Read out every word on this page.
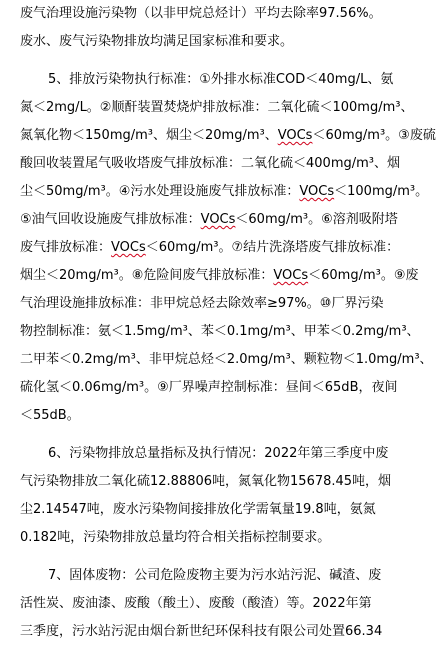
废气治理设施污染物（以非甲烷总烃计）平均去除率97.56%。
废水、废气污染物排放均满足国家标准和要求。
5、排放污染物执行标准：①外排水标准COD＜40mg/L、氨
氮＜2mg/L。②顺酐装置焚烧炉排放标准：二氧化硫＜100mg/m³、
氮氧化物＜150mg/m³、烟尘＜20mg/m³、VOCs＜60mg/m³。③废硫
酸回收装置尾气吸收塔废气排放标准：二氧化硫＜400mg/m³、烟
尘＜50mg/m³。④污水处理设施废气排放标准：VOCs＜100mg/m³。
⑤油气回收设施废气排放标准：VOCs＜60mg/m³。⑥溶剂吸附塔
废气排放标准：VOCs＜60mg/m³。⑦结片洗涤塔废气排放标准：
烟尘＜20mg/m³。⑧危险间废气排放标准：VOCs＜60mg/m³。⑨废
气治理设施排放标准：非甲烷总烃去除效率≥97%。⑩厂界污染
物控制标准：氨＜1.5mg/m³、苯＜0.1mg/m³、甲苯＜0.2mg/m³、
二甲苯＜0.2mg/m³、非甲烷总烃＜2.0mg/m³、颗粒物＜1.0mg/m³、
硫化氢＜0.06mg/m³。⑨厂界噪声控制标准：昼间＜65dB，夜间
＜55dB。
6、污染物排放总量指标及执行情况：2022年第三季度中废
气污染物排放二氧化硫12.88806吨，氮氧化物15678.45吨，烟
尘2.14547吨，废水污染物间接排放化学需氧量19.8吨，氨氮
0.182吨，污染物排放总量均符合相关指标控制要求。
7、固体废物：公司危险废物主要为污水站污泥、碱渣、废
活性炭、废油漆、废酸（酸土）、废酸（酸渣）等。2022年第
三季度，污水站污泥由烟台新世纪环保科技有限公司处置66.34
